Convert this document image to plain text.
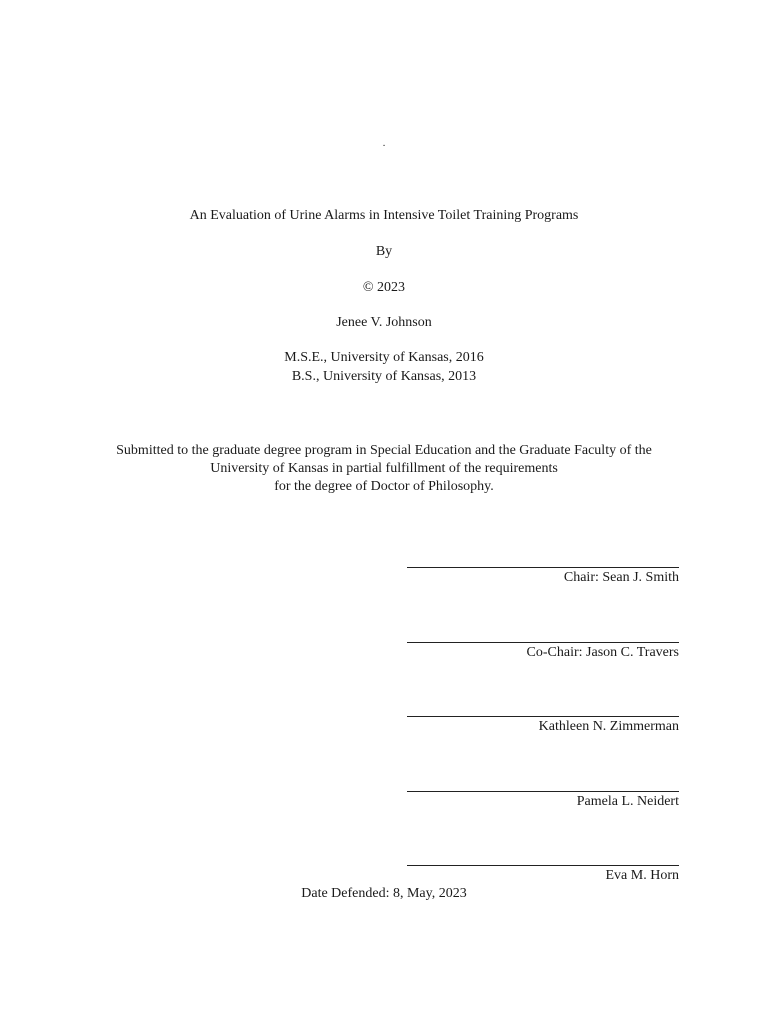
·

An Evaluation of Urine Alarms in Intensive Toilet Training Programs

By

© 2023

Jenee V. Johnson

M.S.E., University of Kansas, 2016
B.S., University of Kansas, 2013
Submitted to the graduate degree program in Special Education and the Graduate Faculty of the
University of Kansas in partial fulfillment of the requirements
for the degree of Doctor of Philosophy.
Chair: Sean J. Smith
Co-Chair: Jason C. Travers
Kathleen N. Zimmerman
Pamela L. Neidert
Eva M. Horn
Date Defended: 8, May, 2023
